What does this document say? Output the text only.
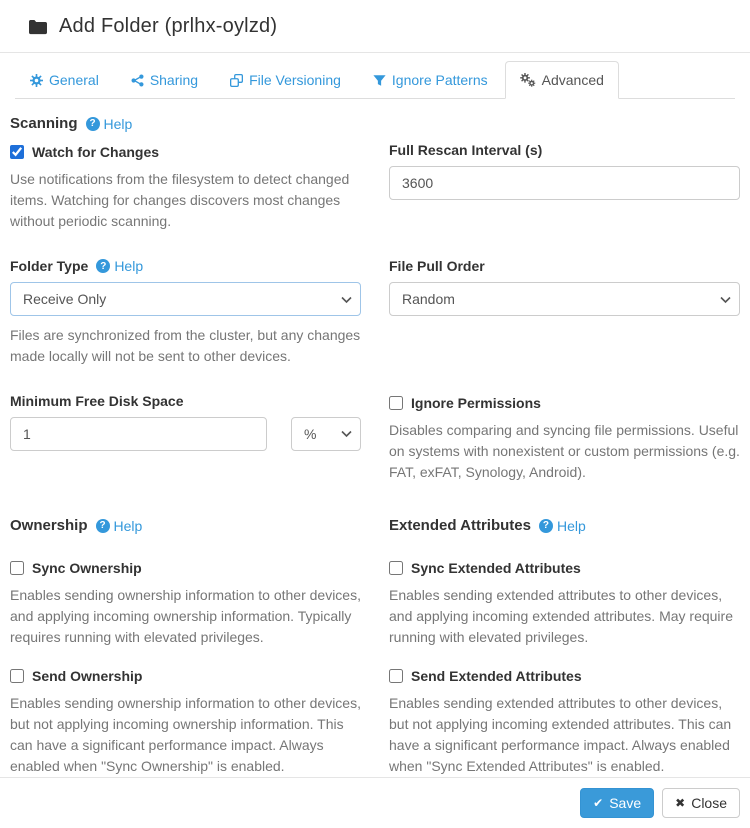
Add Folder (prlhx-oylzd)
General	Sharing	File Versioning	Ignore Patterns	Advanced
Scanning	? Help
Watch for Changes

Use notifications from the filesystem to detect changed items. Watching for changes discovers most changes without periodic scanning.

Full Rescan Interval (s)
3600
Folder Type	? Help
Receive Only

Files are synchronized from the cluster, but any changes made locally will not be sent to other devices.

File Pull Order
Random
Minimum Free Disk Space
1
%	Ignore Permissions

Disables comparing and syncing file permissions. Useful on systems with nonexistent or custom permissions (e.g. FAT, exFAT, Synology, Android).

Ownership	? Help	Extended Attributes	? Help
Sync Ownership

Enables sending ownership information to other devices, and applying incoming ownership information. Typically requires running with elevated privileges.

Sync Extended Attributes

Enables sending extended attributes to other devices, and applying incoming extended attributes. May require running with elevated privileges.

Send Ownership

Enables sending ownership information to other devices, but not applying incoming ownership information. This can have a significant performance impact. Always enabled when "Sync Ownership" is enabled.

Send Extended Attributes

Enables sending extended attributes to other devices, but not applying incoming extended attributes. This can have a significant performance impact. Always enabled when "Sync Extended Attributes" is enabled.

✔ Save	✖ Close
